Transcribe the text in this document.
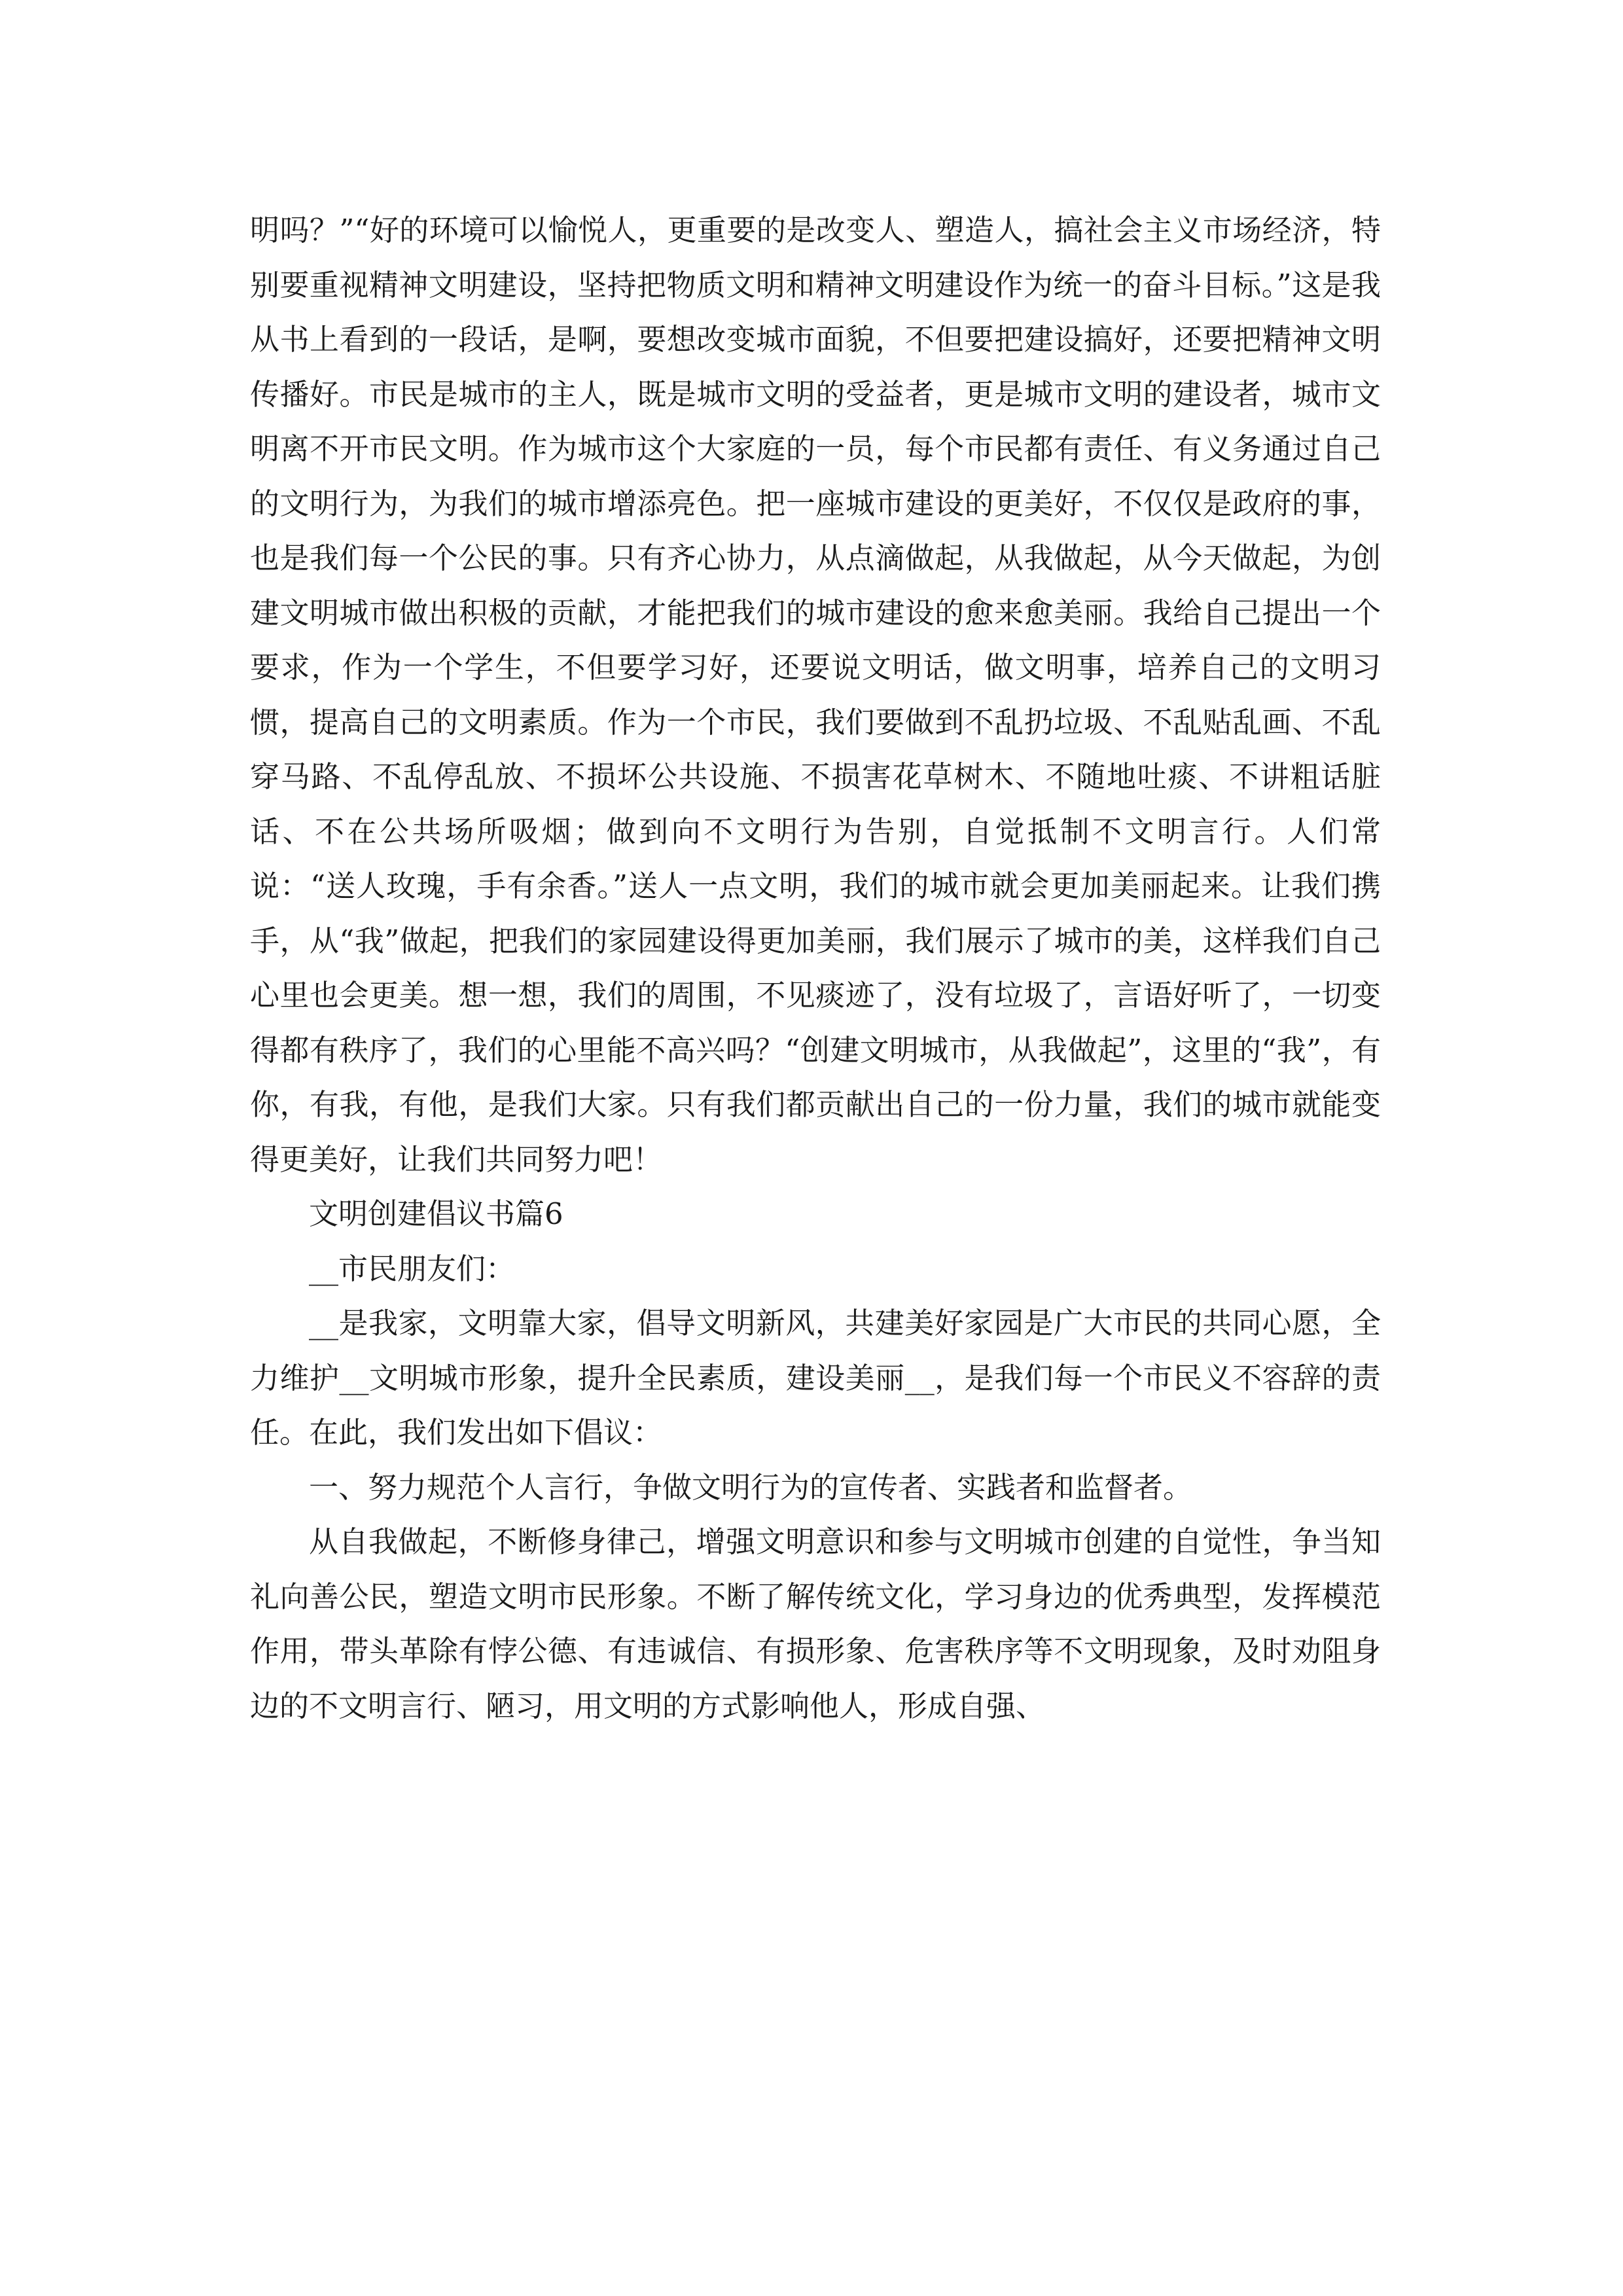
明吗？”“好的环境可以愉悦人，更重要的是改变人、塑造人，搞社会主义市场经济，特别要重视精神文明建设，坚持把物质文明和精神文明建设作为统一的奋斗目标。”这是我从书上看到的一段话，是啊，要想改变城市面貌，不但要把建设搞好，还要把精神文明传播好。市民是城市的主人，既是城市文明的受益者，更是城市文明的建设者，城市文明离不开市民文明。作为城市这个大家庭的一员，每个市民都有责任、有义务通过自己的文明行为，为我们的城市增添亮色。把一座城市建设的更美好，不仅仅是政府的事，也是我们每一个公民的事。只有齐心协力，从点滴做起，从我做起，从今天做起，为创建文明城市做出积极的贡献，才能把我们的城市建设的愈来愈美丽。我给自己提出一个要求，作为一个学生，不但要学习好，还要说文明话，做文明事，培养自己的文明习惯，提高自己的文明素质。作为一个市民，我们要做到不乱扔垃圾、不乱贴乱画、不乱穿马路、不乱停乱放、不损坏公共设施、不损害花草树木、不随地吐痰、不讲粗话脏话、不在公共场所吸烟；做到向不文明行为告别，自觉抵制不文明言行。人们常说：“送人玫瑰，手有余香。”送人一点文明，我们的城市就会更加美丽起来。让我们携手，从“我”做起，把我们的家园建设得更加美丽，我们展示了城市的美，这样我们自己心里也会更美。想一想，我们的周围，不见痰迹了，没有垃圾了，言语好听了，一切变得都有秩序了，我们的心里能不高兴吗？“创建文明城市，从我做起”，这里的“我”，有你，有我，有他，是我们大家。只有我们都贡献出自己的一份力量，我们的城市就能变得更美好，让我们共同努力吧！

文明创建倡议书篇6

__市民朋友们：

__是我家，文明靠大家，倡导文明新风，共建美好家园是广大市民的共同心愿，全力维护__文明城市形象，提升全民素质，建设美丽__，是我们每一个市民义不容辞的责任。在此，我们发出如下倡议：

一、努力规范个人言行，争做文明行为的宣传者、实践者和监督者。

从自我做起，不断修身律己，增强文明意识和参与文明城市创建的自觉性，争当知礼向善公民，塑造文明市民形象。不断了解传统文化，学习身边的优秀典型，发挥模范作用，带头革除有悖公德、有违诚信、有损形象、危害秩序等不文明现象，及时劝阻身边的不文明言行、陋习，用文明的方式影响他人，形成自强、
